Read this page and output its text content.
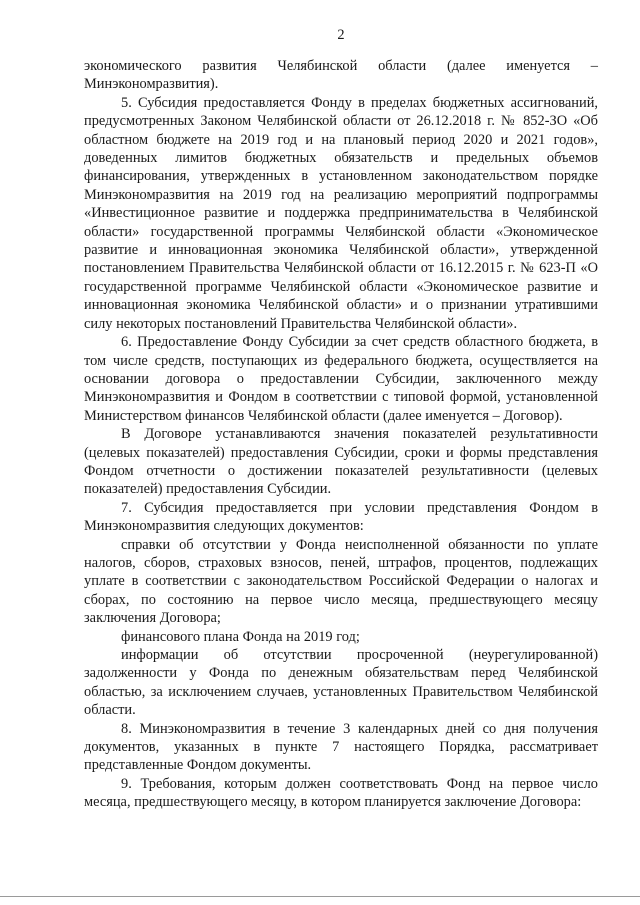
2

экономического развития Челябинской области (далее именуется – Минэкономразвития).

5. Субсидия предоставляется Фонду в пределах бюджетных ассигнований, предусмотренных Законом Челябинской области от 26.12.2018 г. № 852-ЗО «Об областном бюджете на 2019 год и на плановый период 2020 и 2021 годов», доведенных лимитов бюджетных обязательств и предельных объемов финансирования, утвержденных в установленном законодательством порядке Минэкономразвития на 2019 год на реализацию мероприятий подпрограммы «Инвестиционное развитие и поддержка предпринимательства в Челябинской области» государственной программы Челябинской области «Экономическое развитие и инновационная экономика Челябинской области», утвержденной постановлением Правительства Челябинской области от 16.12.2015 г. № 623-П «О государственной программе Челябинской области «Экономическое развитие и инновационная экономика Челябинской области» и о признании утратившими силу некоторых постановлений Правительства Челябинской области».

6. Предоставление Фонду Субсидии за счет средств областного бюджета, в том числе средств, поступающих из федерального бюджета, осуществляется на основании договора о предоставлении Субсидии, заключенного между Минэкономразвития и Фондом в соответствии с типовой формой, установленной Министерством финансов Челябинской области (далее именуется – Договор).

В Договоре устанавливаются значения показателей результативности (целевых показателей) предоставления Субсидии, сроки и формы представления Фондом отчетности о достижении показателей результативности (целевых показателей) предоставления Субсидии.

7. Субсидия предоставляется при условии представления Фондом в Минэкономразвития следующих документов:

справки об отсутствии у Фонда неисполненной обязанности по уплате налогов, сборов, страховых взносов, пеней, штрафов, процентов, подлежащих уплате в соответствии с законодательством Российской Федерации о налогах и сборах, по состоянию на первое число месяца, предшествующего месяцу заключения Договора;

финансового плана Фонда на 2019 год;

информации об отсутствии просроченной (неурегулированной) задолженности у Фонда по денежным обязательствам перед Челябинской областью, за исключением случаев, установленных Правительством Челябинской области.

8. Минэкономразвития в течение 3 календарных дней со дня получения документов, указанных в пункте 7 настоящего Порядка, рассматривает представленные Фондом документы.

9. Требования, которым должен соответствовать Фонд на первое число месяца, предшествующего месяцу, в котором планируется заключение Договора:
